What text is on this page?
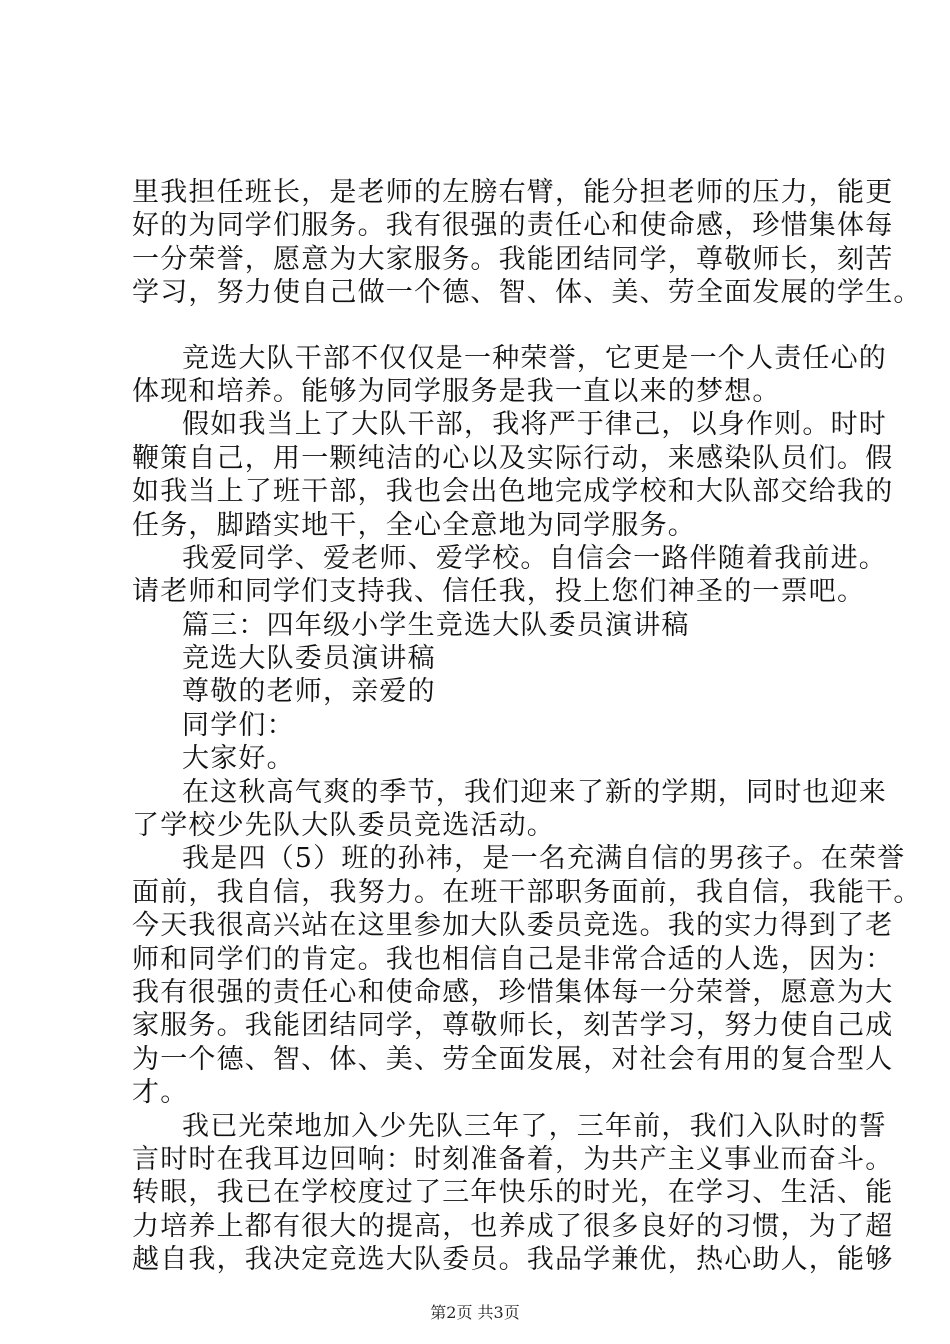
里我担任班长，是老师的左膀右臂，能分担老师的压力，能更
好的为同学们服务。我有很强的责任心和使命感，珍惜集体每
一分荣誉，愿意为大家服务。我能团结同学，尊敬师长，刻苦
学习，努力使自己做一个德、智、体、美、劳全面发展的学生。
竞选大队干部不仅仅是一种荣誉，它更是一个人责任心的
体现和培养。能够为同学服务是我一直以来的梦想。
假如我当上了大队干部，我将严于律己，以身作则。时时
鞭策自己，用一颗纯洁的心以及实际行动，来感染队员们。假
如我当上了班干部，我也会出色地完成学校和大队部交给我的
任务，脚踏实地干，全心全意地为同学服务。
我爱同学、爱老师、爱学校。自信会一路伴随着我前进。
请老师和同学们支持我、信任我，投上您们神圣的一票吧。
篇三：四年级小学生竞选大队委员演讲稿
竞选大队委员演讲稿
尊敬的老师，亲爱的
同学们：
大家好。
在这秋高气爽的季节，我们迎来了新的学期，同时也迎来
了学校少先队大队委员竞选活动。
我是四（5）班的孙祎，是一名充满自信的男孩子。在荣誉
面前，我自信，我努力。在班干部职务面前，我自信，我能干。
今天我很高兴站在这里参加大队委员竞选。我的实力得到了老
师和同学们的肯定。我也相信自己是非常合适的人选，因为：
我有很强的责任心和使命感，珍惜集体每一分荣誉，愿意为大
家服务。我能团结同学，尊敬师长，刻苦学习，努力使自己成
为一个德、智、体、美、劳全面发展，对社会有用的复合型人
才。
我已光荣地加入少先队三年了，三年前，我们入队时的誓
言时时在我耳边回响：时刻准备着，为共产主义事业而奋斗。
转眼，我已在学校度过了三年快乐的时光，在学习、生活、能
力培养上都有很大的提高，也养成了很多良好的习惯，为了超
越自我，我决定竞选大队委员。我品学兼优，热心助人，能够
第2页 共3页
